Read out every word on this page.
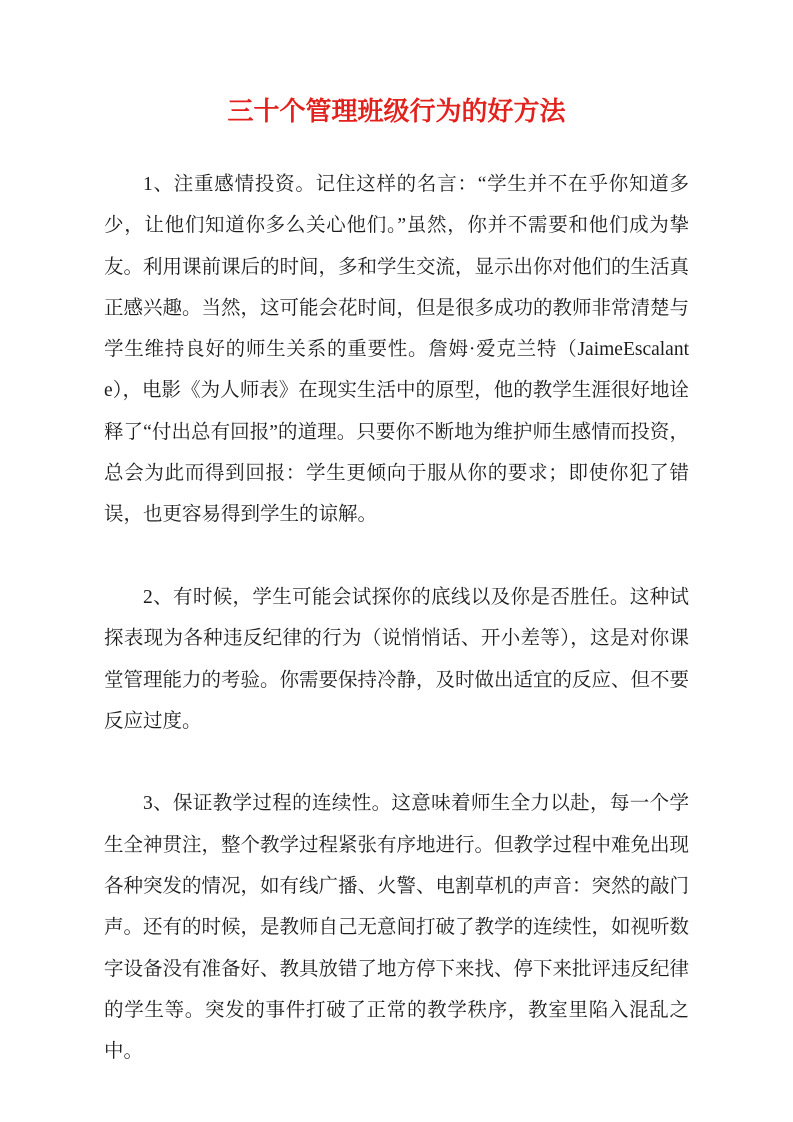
三十个管理班级行为的好方法

1、注重感情投资。记住这样的名言：“学生并不在乎你知道多少，让他们知道你多么关心他们。”虽然，你并不需要和他们成为挚友。利用课前课后的时间，多和学生交流，显示出你对他们的生活真正感兴趣。当然，这可能会花时间，但是很多成功的教师非常清楚与学生维持良好的师生关系的重要性。詹姆·爱克兰特（JaimeEscalante），电影《为人师表》在现实生活中的原型，他的教学生涯很好地诠释了“付出总有回报”的道理。只要你不断地为维护师生感情而投资，总会为此而得到回报：学生更倾向于服从你的要求；即使你犯了错误，也更容易得到学生的谅解。

2、有时候，学生可能会试探你的底线以及你是否胜任。这种试探表现为各种违反纪律的行为（说悄悄话、开小差等），这是对你课堂管理能力的考验。你需要保持冷静，及时做出适宜的反应、但不要反应过度。

3、保证教学过程的连续性。这意味着师生全力以赴，每一个学生全神贯注，整个教学过程紧张有序地进行。但教学过程中难免出现各种突发的情况，如有线广播、火警、电割草机的声音：突然的敲门声。还有的时候，是教师自己无意间打破了教学的连续性，如视听数字设备没有准备好、教具放错了地方停下来找、停下来批评违反纪律的学生等。突发的事件打破了正常的教学秩序，教室里陷入混乱之中。
